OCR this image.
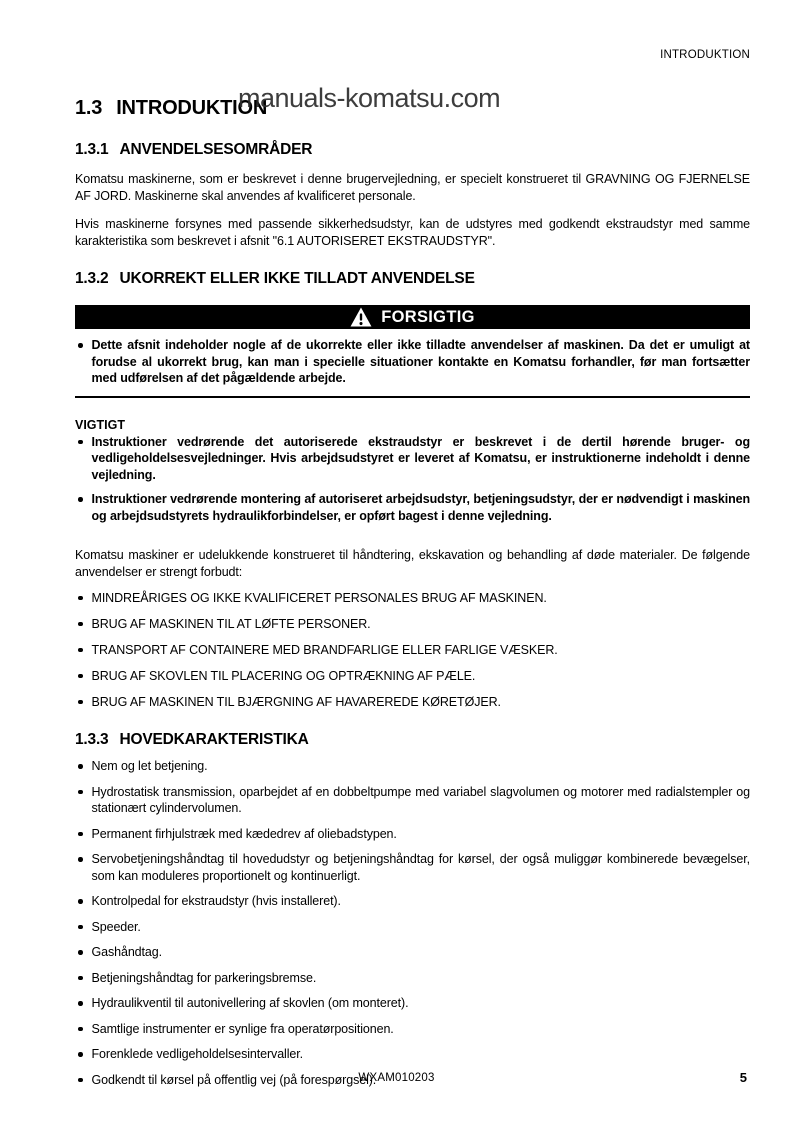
manuals-komatsu.com
INTRODUKTION
1.3 INTRODUKTION
1.3.1 ANVENDELSESOMRÅDER

Komatsu maskinerne, som er beskrevet i denne brugervejledning, er specielt konstrueret til GRAVNING OG FJERNELSE AF JORD. Maskinerne skal anvendes af kvalificeret personale.

Hvis maskinerne forsynes med passende sikkerhedsudstyr, kan de udstyres med godkendt ekstraudstyr med samme karakteristika som beskrevet i afsnit "6.1 AUTORISERET EKSTRAUDSTYR".

1.3.2 UKORREKT ELLER IKKE TILLADT ANVENDELSE
FORSIGTIG
Dette afsnit indeholder nogle af de ukorrekte eller ikke tilladte anvendelser af maskinen. Da det er umuligt at forudse al ukorrekt brug, kan man i specielle situationer kontakte en Komatsu forhandler, før man fortsætter med udførelsen af det pågældende arbejde.

VIGTIGT

Instruktioner vedrørende det autoriserede ekstraudstyr er beskrevet i de dertil hørende bruger- og vedligeholdelsesvejledninger. Hvis arbejdsudstyret er leveret af Komatsu, er instruktionerne indeholdt i denne vejledning.
Instruktioner vedrørende montering af autoriseret arbejdsudstyr, betjeningsudstyr, der er nødvendigt i maskinen og arbejdsudstyrets hydraulikforbindelser, er opført bagest i denne vejledning.

Komatsu maskiner er udelukkende konstrueret til håndtering, ekskavation og behandling af døde materialer. De følgende anvendelser er strengt forbudt:

MINDREÅRIGES OG IKKE KVALIFICERET PERSONALES BRUG AF MASKINEN.
BRUG AF MASKINEN TIL AT LØFTE PERSONER.
TRANSPORT AF CONTAINERE MED BRANDFARLIGE ELLER FARLIGE VÆSKER.
BRUG AF SKOVLEN TIL PLACERING OG OPTRÆKNING AF PÆLE.
BRUG AF MASKINEN TIL BJÆRGNING AF HAVAREREDE KØRETØJER.
1.3.3 HOVEDKARAKTERISTIKA
Nem og let betjening.
Hydrostatisk transmission, oparbejdet af en dobbeltpumpe med variabel slagvolumen og motorer med radialstempler og stationært cylindervolumen.
Permanent firhjulstræk med kædedrev af oliebadstypen.
Servobetjeningshåndtag til hovedudstyr og betjeningshåndtag for kørsel, der også muliggør kombinerede bevægelser, som kan moduleres proportionelt og kontinuerligt.
Kontrolpedal for ekstraudstyr (hvis installeret).
Speeder.
Gashåndtag.
Betjeningshåndtag for parkeringsbremse.
Hydraulikventil til autonivellering af skovlen (om monteret).
Samtlige instrumenter er synlige fra operatørpositionen.
Forenklede vedligeholdelsesintervaller.
Godkendt til kørsel på offentlig vej (på forespørgsel).
WXAM010203	5
